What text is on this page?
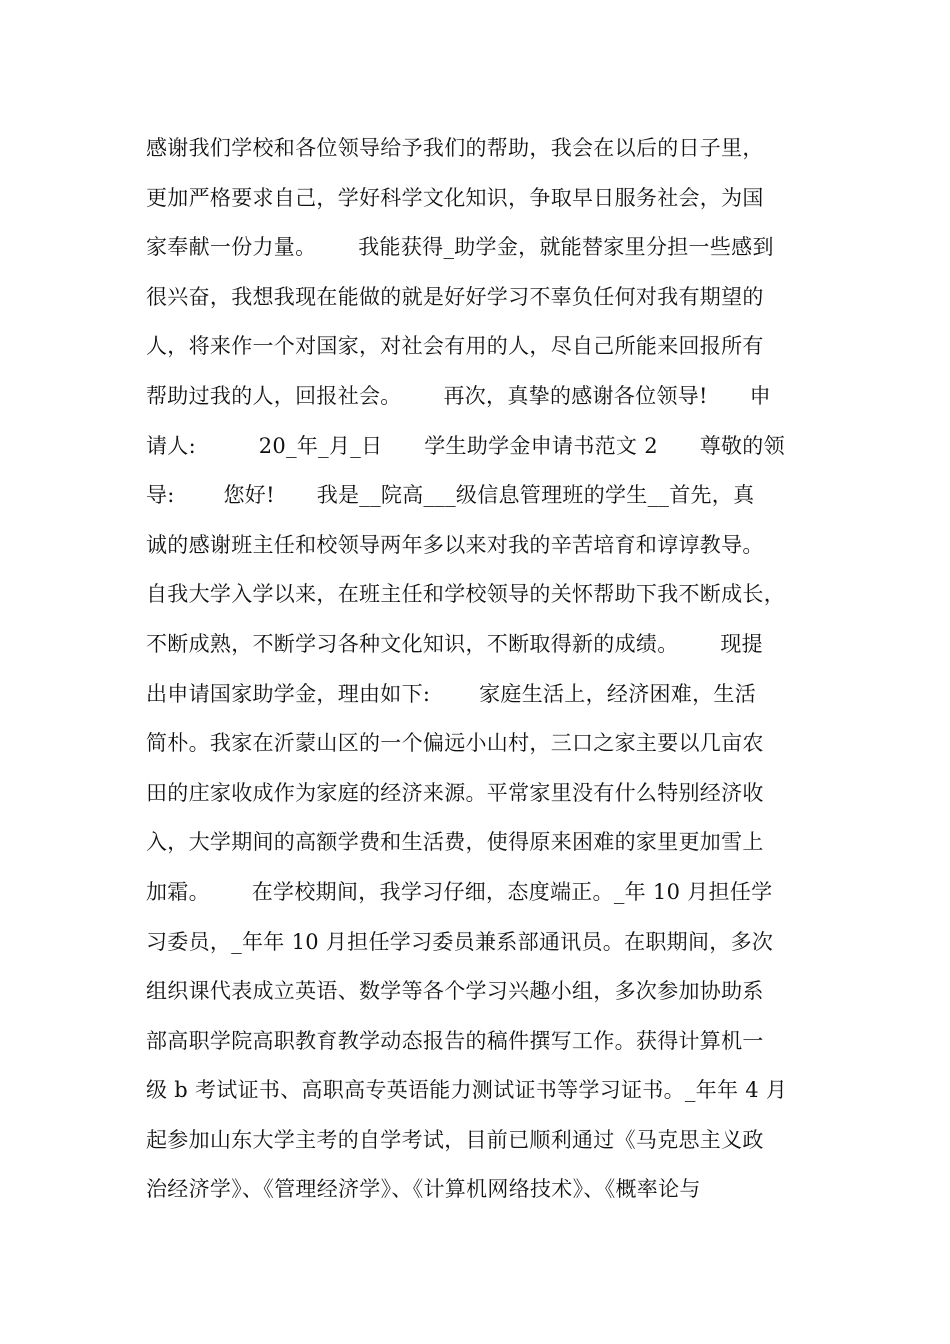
感谢我们学校和各位领导给予我们的帮助，我会在以后的日子里，
更加严格要求自己，学好科学文化知识，争取早日服务社会，为国
家奉献一份力量。      我能获得_助学金，就能替家里分担一些感到
很兴奋，我想我现在能做的就是好好学习不辜负任何对我有期望的
人，将来作一个对国家，对社会有用的人，尽自己所能来回报所有
帮助过我的人，回报社会。      再次，真挚的感谢各位领导!      申
请人:         20_年_月_日      学生助学金申请书范文 2      尊敬的领
导:       您好!      我是__院高___级信息管理班的学生__首先，真
诚的感谢班主任和校领导两年多以来对我的辛苦培育和谆谆教导。
自我大学入学以来，在班主任和学校领导的关怀帮助下我不断成长，
不断成熟，不断学习各种文化知识，不断取得新的成绩。      现提
出申请国家助学金，理由如下:       家庭生活上，经济困难，生活
简朴。我家在沂蒙山区的一个偏远小山村，三口之家主要以几亩农
田的庄家收成作为家庭的经济来源。平常家里没有什么特别经济收
入，大学期间的高额学费和生活费，使得原来困难的家里更加雪上
加霜。      在学校期间，我学习仔细，态度端正。_年 10 月担任学
习委员，_年年 10 月担任学习委员兼系部通讯员。在职期间，多次
组织课代表成立英语、数学等各个学习兴趣小组，多次参加协助系
部高职学院高职教育教学动态报告的稿件撰写工作。获得计算机一
级 b 考试证书、高职高专英语能力测试证书等学习证书。_年年 4 月
起参加山东大学主考的自学考试，目前已顺利通过《马克思主义政
治经济学》、《管理经济学》、《计算机网络技术》、《概率论与
